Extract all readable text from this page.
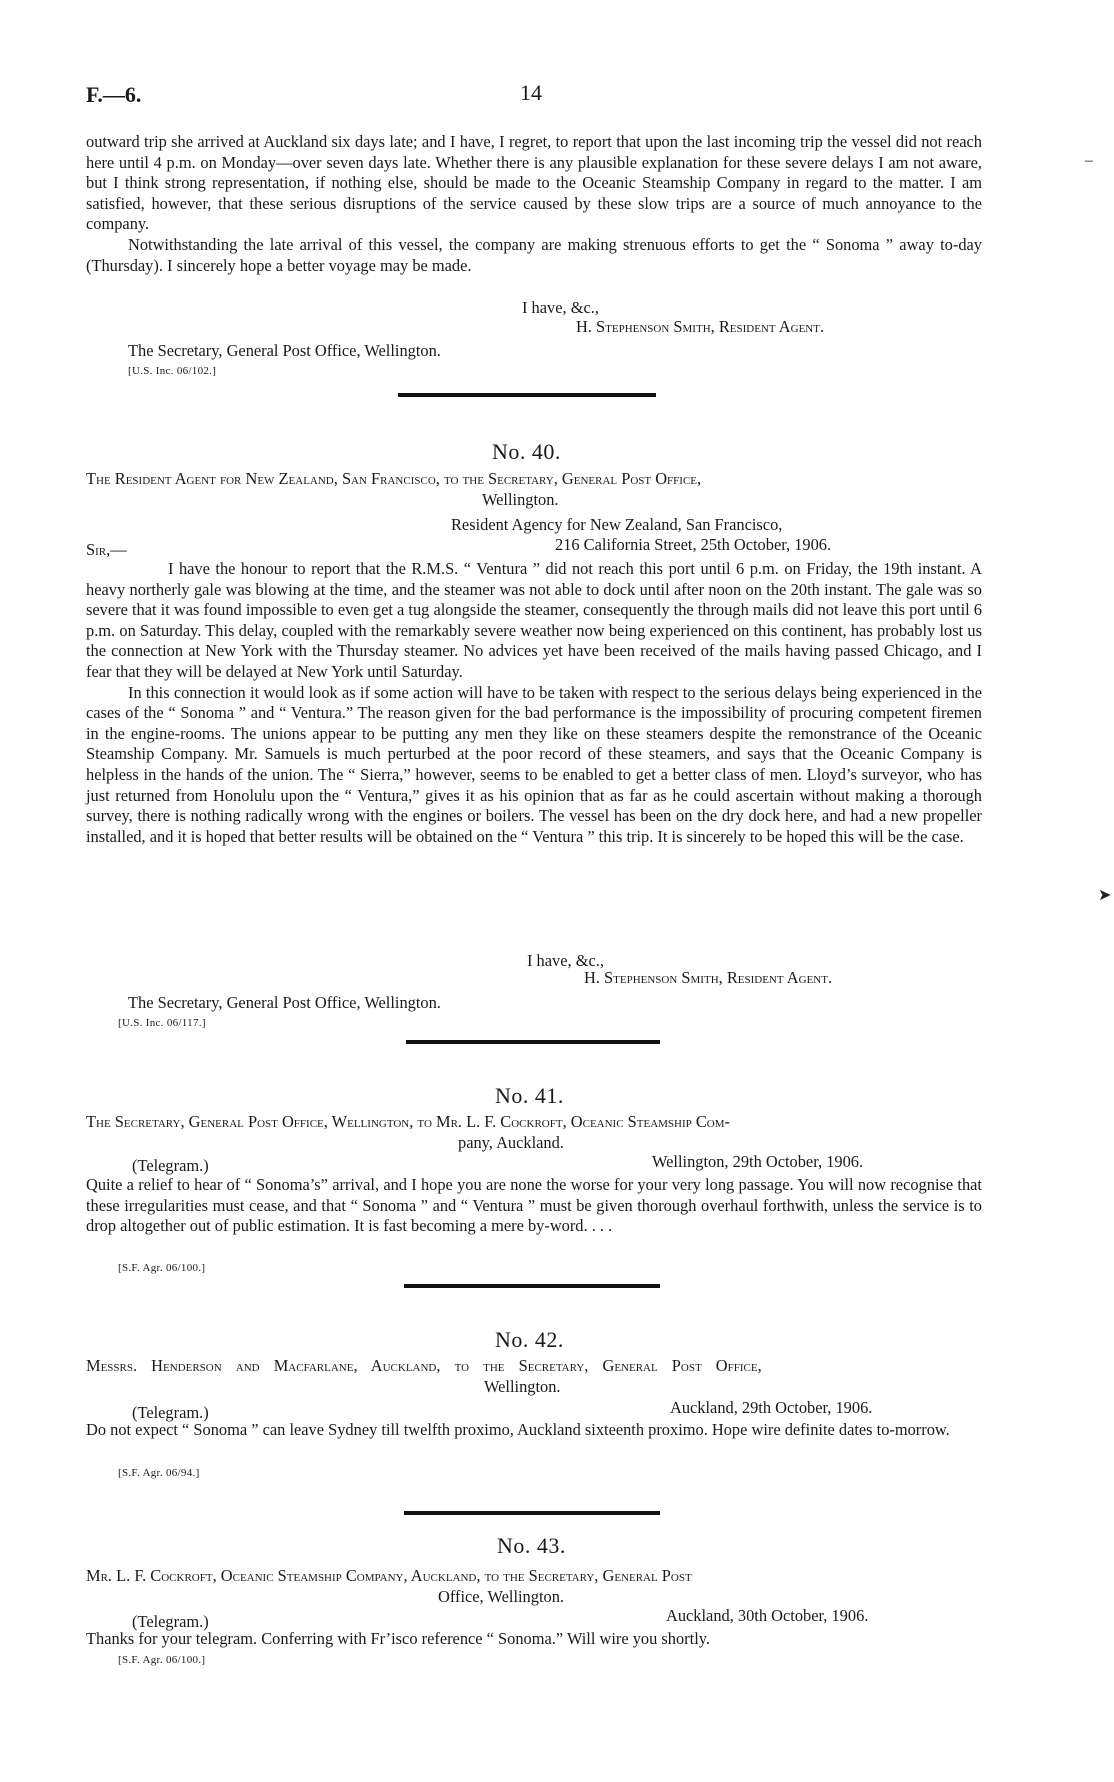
F.—6.	14
–
➤

outward trip she arrived at Auckland six days late; and I have, I regret, to report that upon the last incoming trip the vessel did not reach here until 4 p.m. on Monday—over seven days late. Whether there is any plausible explanation for these severe delays I am not aware, but I think strong representation, if nothing else, should be made to the Oceanic Steamship Company in regard to the matter. I am satisfied, however, that these serious disruptions of the service caused by these slow trips are a source of much annoyance to the company.

Notwithstanding the late arrival of this vessel, the company are making strenuous efforts to get the “ Sonoma ” away to-day (Thursday). I sincerely hope a better voyage may be made.

I have, &c.,
H. Stephenson Smith, Resident Agent.
The Secretary, General Post Office, Wellington.
[U.S. Inc. 06/102.]
No. 40.
The Resident Agent for New Zealand, San Francisco, to the Secretary, General Post Office,
Wellington.
Resident Agency for New Zealand, San Francisco,
216 California Street, 25th October, 1906.
Sir,—

I have the honour to report that the R.M.S. “ Ventura ” did not reach this port until 6 p.m. on Friday, the 19th instant. A heavy northerly gale was blowing at the time, and the steamer was not able to dock until after noon on the 20th instant. The gale was so severe that it was found impossible to even get a tug alongside the steamer, consequently the through mails did not leave this port until 6 p.m. on Saturday. This delay, coupled with the remarkably severe weather now being experienced on this continent, has probably lost us the connection at New York with the Thursday steamer. No advices yet have been received of the mails having passed Chicago, and I fear that they will be delayed at New York until Saturday.

In this connection it would look as if some action will have to be taken with respect to the serious delays being experienced in the cases of the “ Sonoma ” and “ Ventura.” The reason given for the bad performance is the impossibility of procuring competent firemen in the engine-rooms. The unions appear to be putting any men they like on these steamers despite the remonstrance of the Oceanic Steamship Company. Mr. Samuels is much perturbed at the poor record of these steamers, and says that the Oceanic Company is helpless in the hands of the union. The “ Sierra,” however, seems to be enabled to get a better class of men. Lloyd’s surveyor, who has just returned from Honolulu upon the “ Ventura,” gives it as his opinion that as far as he could ascertain without making a thorough survey, there is nothing radically wrong with the engines or boilers. The vessel has been on the dry dock here, and had a new propeller installed, and it is hoped that better results will be obtained on the “ Ventura ” this trip. It is sincerely to be hoped this will be the case.

I have, &c.,
H. Stephenson Smith, Resident Agent.
The Secretary, General Post Office, Wellington.
[U.S. Inc. 06/117.]
No. 41.
The Secretary, General Post Office, Wellington, to Mr. L. F. Cockroft, Oceanic Steamship Com-
pany, Auckland.
(Telegram.)	Wellington, 29th October, 1906.
Quite a relief to hear of “ Sonoma’s” arrival, and I hope you are none the worse for your very long passage. You will now recognise that these irregularities must cease, and that “ Sonoma ” and “ Ventura ” must be given thorough overhaul forthwith, unless the service is to drop altogether out of public estimation. It is fast becoming a mere by-word. . . .
[S.F. Agr. 06/100.]
No. 42.
Messrs. Henderson and Macfarlane, Auckland, to the Secretary, General Post Office,
Wellington.
(Telegram.)	Auckland, 29th October, 1906.
Do not expect “ Sonoma ” can leave Sydney till twelfth proximo, Auckland sixteenth proximo. Hope wire definite dates to-morrow.
[S.F. Agr. 06/94.]
No. 43.
Mr. L. F. Cockroft, Oceanic Steamship Company, Auckland, to the Secretary, General Post
Office, Wellington.
(Telegram.)	Auckland, 30th October, 1906.
Thanks for your telegram. Conferring with Fr’isco reference “ Sonoma.” Will wire you shortly.
[S.F. Agr. 06/100.]
